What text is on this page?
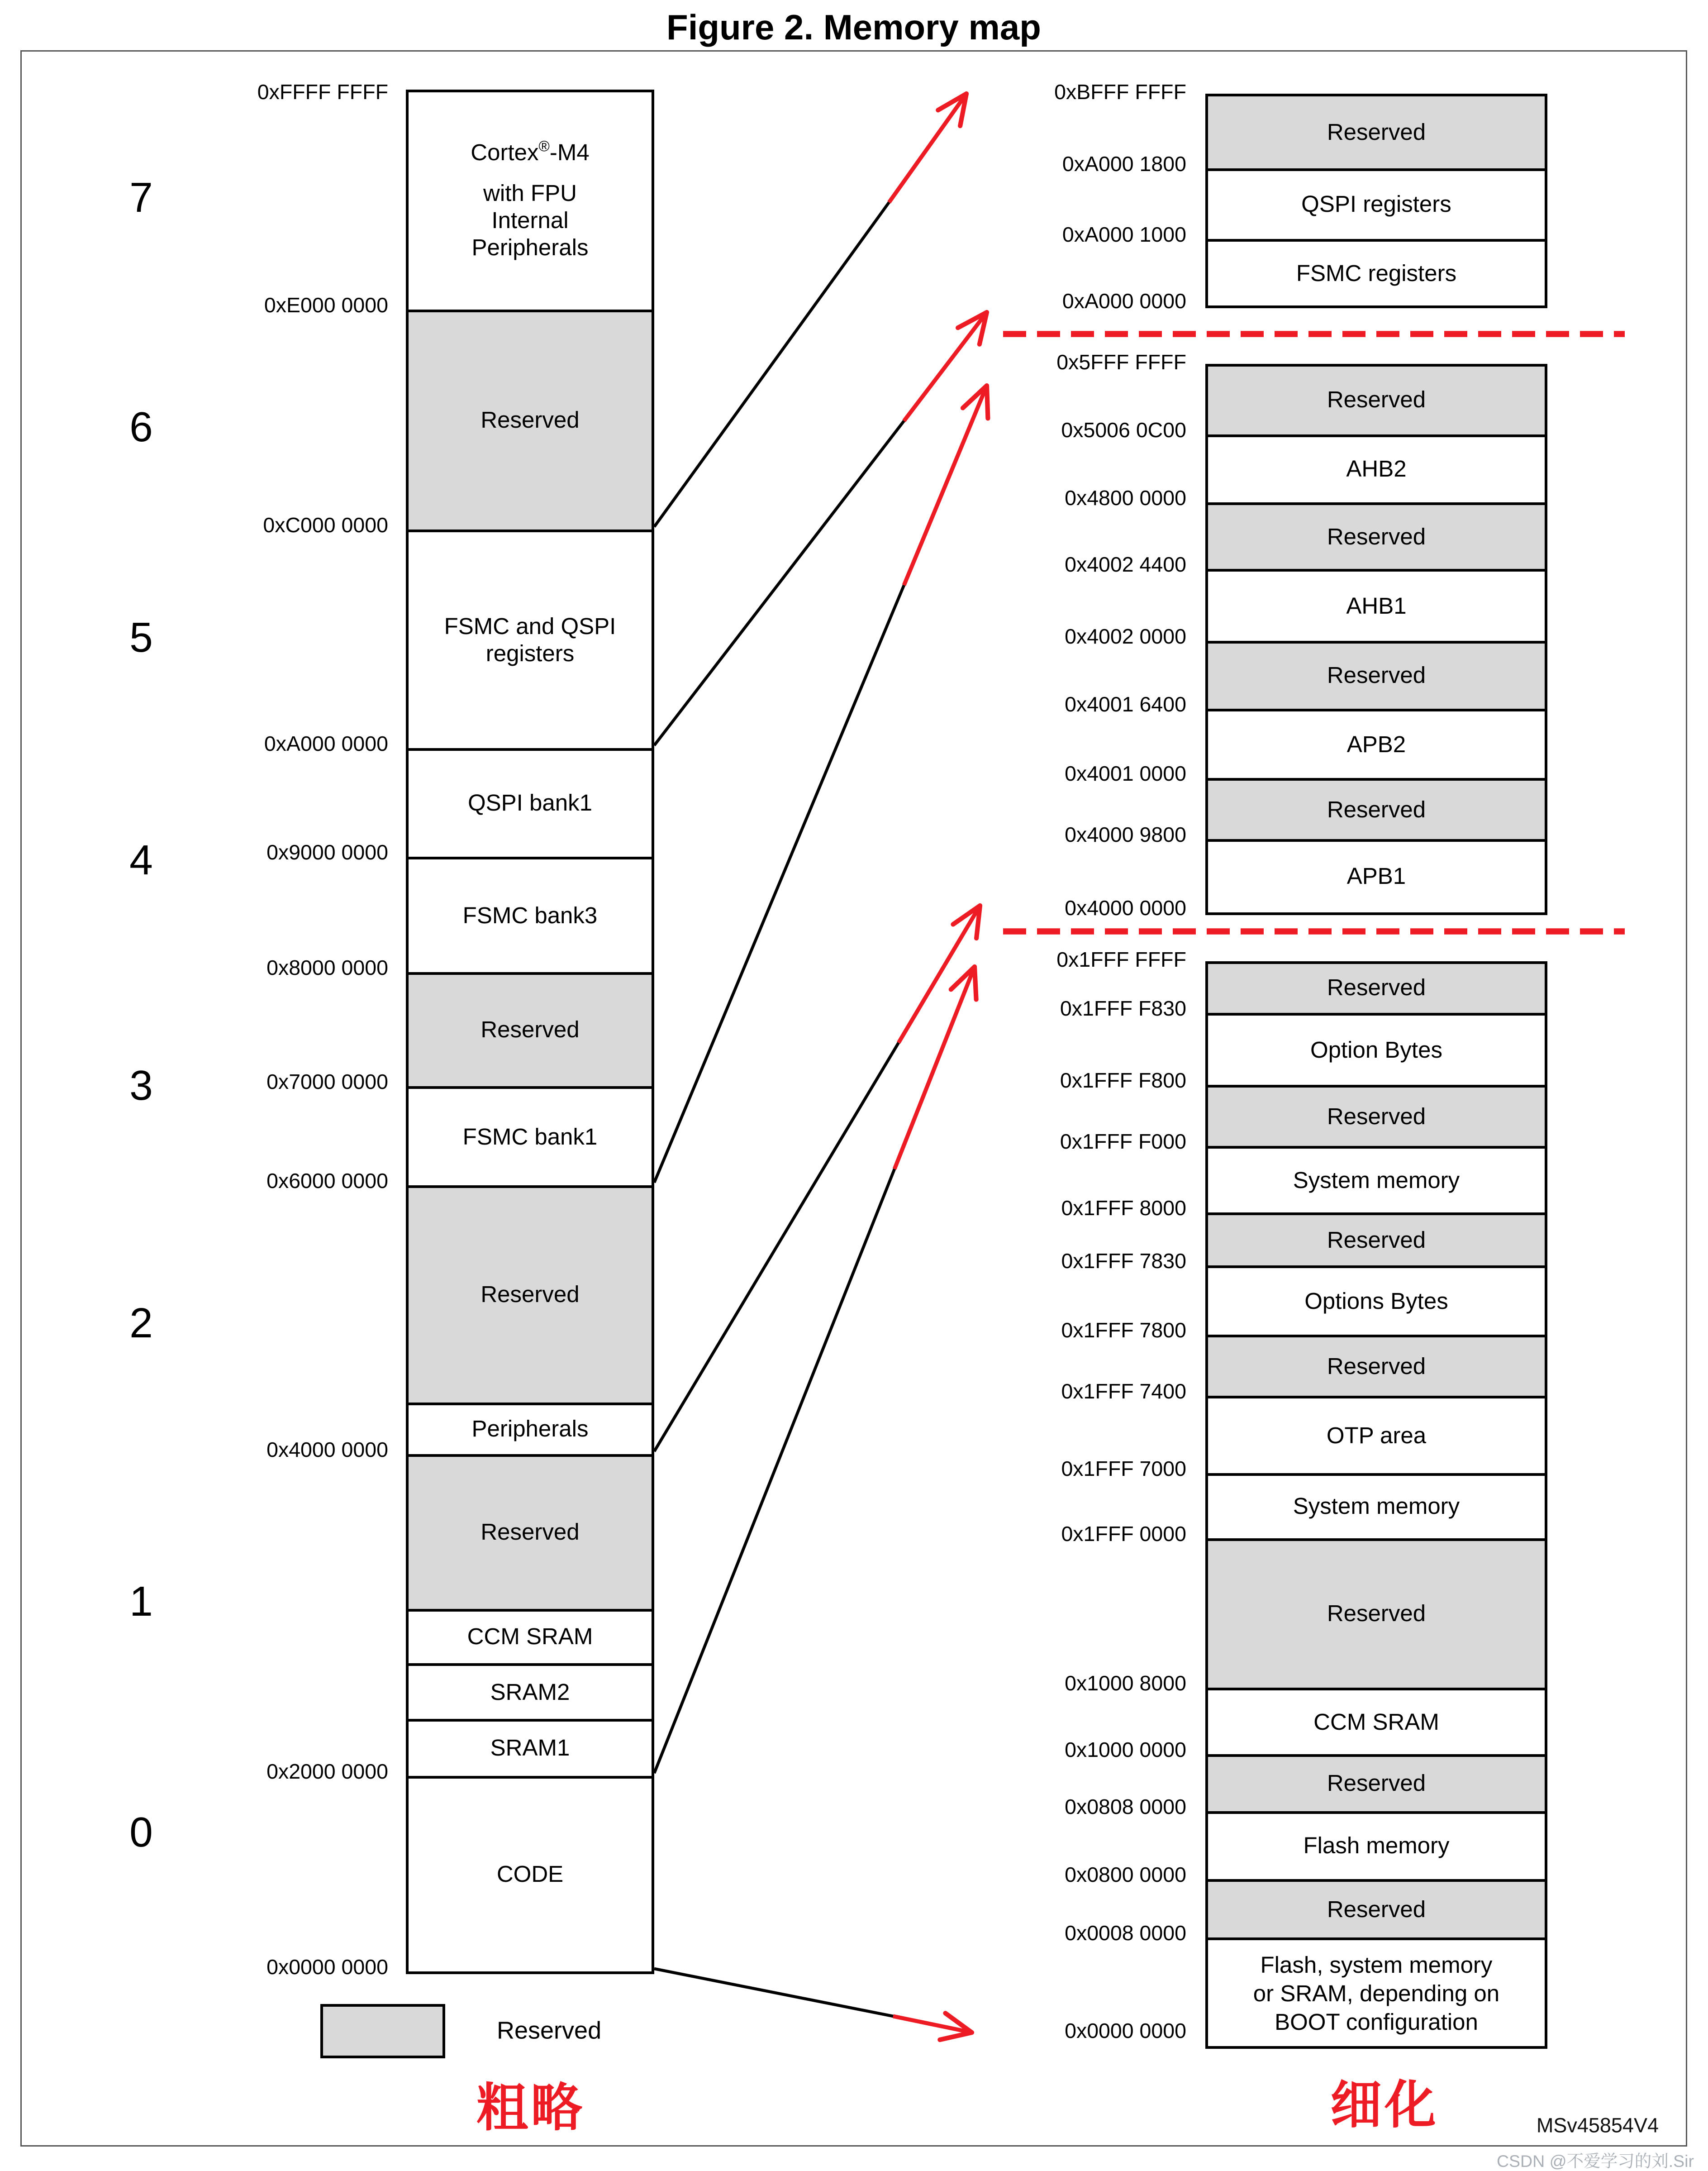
Figure 2. Memory map
7
6
5
4
3
2
1
0
0xFFFF FFFF
0xE000 0000
0xC000 0000
0xA000 0000
0x9000 0000
0x8000 0000
0x7000 0000
0x6000 0000
0x4000 0000
0x2000 0000
0x0000 0000
Cortex®-M4
with FPU
Internal
Peripherals
Reserved
FSMC and QSPI registers
QSPI bank1
FSMC bank3
Reserved
FSMC bank1
Reserved
Peripherals
Reserved
CCM SRAM
SRAM2
SRAM1
CODE
0xBFFF FFFF
0xA000 1800
0xA000 1000
0xA000 0000
Reserved
QSPI registers
FSMC registers
0x5FFF FFFF
0x5006 0C00
0x4800 0000
0x4002 4400
0x4002 0000
0x4001 6400
0x4001 0000
0x4000 9800
0x4000 0000
Reserved
AHB2
Reserved
AHB1
Reserved
APB2
Reserved
APB1
0x1FFF FFFF
0x1FFF F830
0x1FFF F800
0x1FFF F000
0x1FFF 8000
0x1FFF 7830
0x1FFF 7800
0x1FFF 7400
0x1FFF 7000
0x1FFF 0000
0x1000 8000
0x1000 0000
0x0808 0000
0x0800 0000
0x0008 0000
0x0000 0000
Reserved
Option Bytes
Reserved
System memory
Reserved
Options Bytes
Reserved
OTP area
System memory
Reserved
CCM SRAM
Reserved
Flash memory
Reserved
Flash, system memory
or SRAM, depending on
BOOT configuration
Reserved
粗略	细化	MSv45854V4
CSDN @不爱学习的刘.Sir
